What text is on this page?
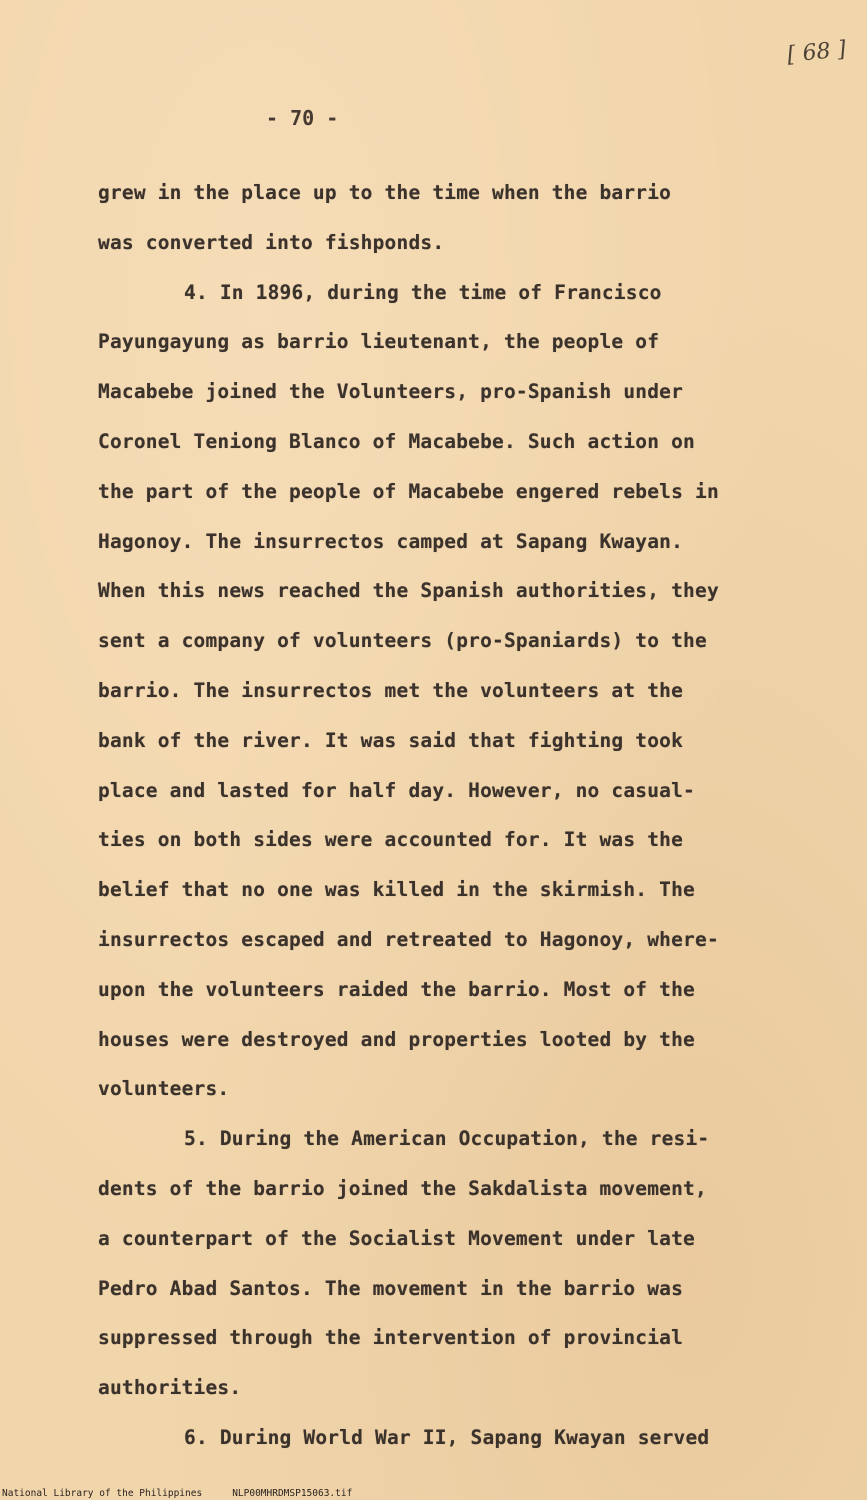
[ 68 ]
- 70 -
grew in the place up to the time when the barrio
was converted into fishponds.
4. In 1896, during the time of Francisco
Payungayung as barrio lieutenant, the people of
Macabebe joined the Volunteers, pro-Spanish under
Coronel Teniong Blanco of Macabebe. Such action on
the part of the people of Macabebe engered rebels in
Hagonoy. The insurrectos camped at Sapang Kwayan.
When this news reached the Spanish authorities, they
sent a company of volunteers (pro-Spaniards) to the
barrio. The insurrectos met the volunteers at the
bank of the river. It was said that fighting took
place and lasted for half day. However, no casual-
ties on both sides were accounted for. It was the
belief that no one was killed in the skirmish. The
insurrectos escaped and retreated to Hagonoy, where-
upon the volunteers raided the barrio. Most of the
houses were destroyed and properties looted by the
volunteers.
5. During the American Occupation, the resi-
dents of the barrio joined the Sakdalista movement,
a counterpart of the Socialist Movement under late
Pedro Abad Santos. The movement in the barrio was
suppressed through the intervention of provincial
authorities.
6. During World War II, Sapang Kwayan served
National Library of the Philippines	NLP00MHRDMSP15063.tif
